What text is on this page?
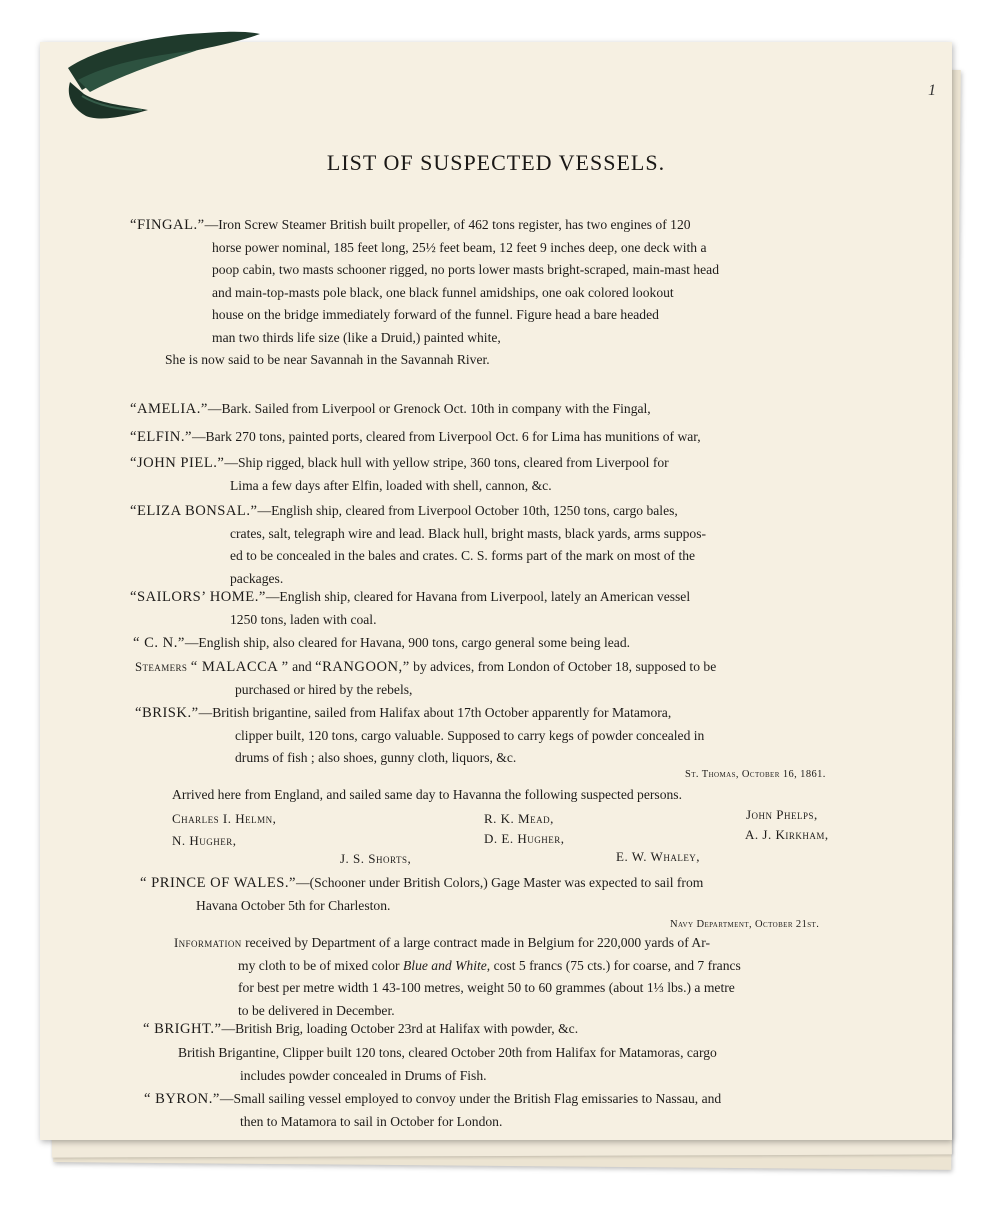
1
LIST OF SUSPECTED VESSELS.

“FINGAL.”—Iron Screw Steamer British built propeller, of 462 tons register, has two engines of 120

horse power nominal, 185 feet long, 25½ feet beam, 12 feet 9 inches deep, one deck with a

poop cabin, two masts schooner rigged, no ports lower masts bright-scraped, main-mast head

and main-top-masts pole black, one black funnel amidships, one oak colored lookout

house on the bridge immediately forward of the funnel. Figure head a bare headed

man two thirds life size (like a Druid,) painted white,

She is now said to be near Savannah in the Savannah River.

“AMELIA.”—Bark. Sailed from Liverpool or Grenock Oct. 10th in company with the Fingal,

“ELFIN.”—Bark 270 tons, painted ports, cleared from Liverpool Oct. 6 for Lima has munitions of war,

“JOHN PIEL.”—Ship rigged, black hull with yellow stripe, 360 tons, cleared from Liverpool for

Lima a few days after Elfin, loaded with shell, cannon, &c.

“ELIZA BONSAL.”—English ship, cleared from Liverpool October 10th, 1250 tons, cargo bales,

crates, salt, telegraph wire and lead. Black hull, bright masts, black yards, arms suppos-

ed to be concealed in the bales and crates. C. S. forms part of the mark on most of the

packages.

“SAILORS’ HOME.”—English ship, cleared for Havana from Liverpool, lately an American vessel

1250 tons, laden with coal.

“ C. N.”—English ship, also cleared for Havana, 900 tons, cargo general some being lead.

Steamers “ MALACCA ” and “RANGOON,” by advices, from London of October 18, supposed to be

purchased or hired by the rebels,

“BRISK.”—British brigantine, sailed from Halifax about 17th October apparently for Matamora,

clipper built, 120 tons, cargo valuable. Supposed to carry kegs of powder concealed in

drums of fish ; also shoes, gunny cloth, liquors, &c.

St. Thomas, October 16, 1861.

Arrived here from England, and sailed same day to Havanna the following suspected persons.

Charles I. Helmn,	R. K. Mead,	John Phelps,
N. Hugher,	D. E. Hugher,	A. J. Kirkham,
J. S. Shorts,	E. W. Whaley,

“ PRINCE OF WALES.”—(Schooner under British Colors,) Gage Master was expected to sail from

Havana October 5th for Charleston.

Navy Department, October 21st.

Information received by Department of a large contract made in Belgium for 220,000 yards of Ar-

my cloth to be of mixed color Blue and White, cost 5 francs (75 cts.) for coarse, and 7 francs

for best per metre width 1 43-100 metres, weight 50 to 60 grammes (about 1⅓ lbs.) a metre

to be delivered in December.

“ BRIGHT.”—British Brig, loading October 23rd at Halifax with powder, &c.

British Brigantine, Clipper built 120 tons, cleared October 20th from Halifax for Matamoras, cargo

includes powder concealed in Drums of Fish.

“ BYRON.”—Small sailing vessel employed to convoy under the British Flag emissaries to Nassau, and

then to Matamora to sail in October for London.
